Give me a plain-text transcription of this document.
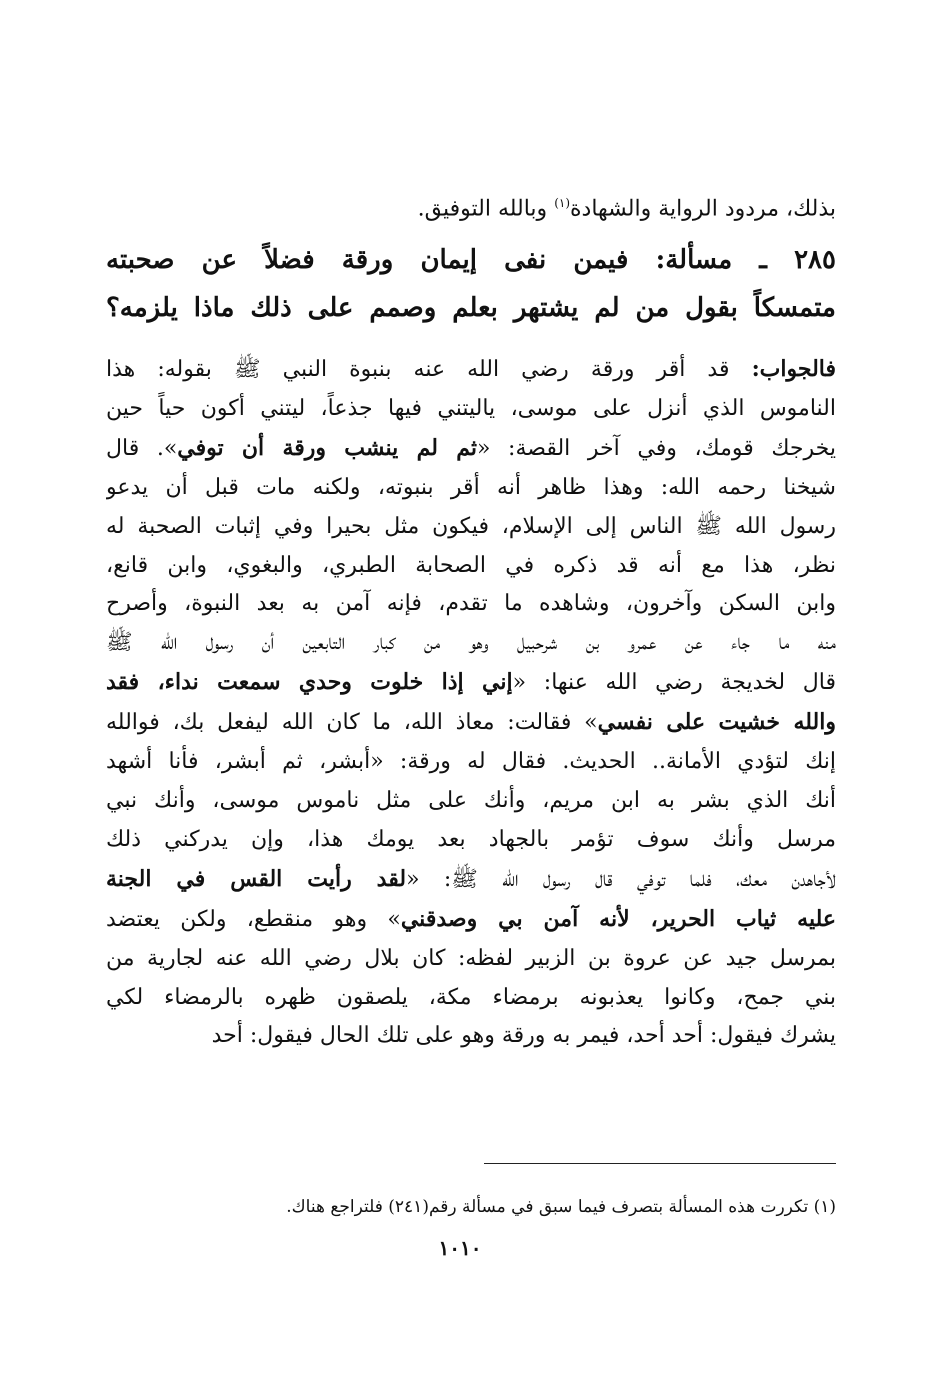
بذلك، مردود الرواية والشهادة$^{(١)}$ وبالله التوفيق.
٢٨٥ ـ مسألة: فيمن نفى إيمان ورقة فضلاً عن صحبته
متمسكاً بقول من لم يشتهر بعلم وصمم على ذلك ماذا يلزمه؟
فالجواب: قد أقر ورقة رضي الله عنه بنبوة النبي ﷺ بقوله: هذا
الناموس الذي أنزل على موسى، ياليتني فيها جذعاً، ليتني أكون حياً حين
يخرجك قومك، وفي آخر القصة: «ثم لم ينشب ورقة أن توفي». قال
شيخنا رحمه الله: وهذا ظاهر أنه أقر بنبوته، ولكنه مات قبل أن يدعو
رسول الله ﷺ الناس إلى الإسلام، فيكون مثل بحيرا وفي إثبات الصحبة له
نظر، هذا مع أنه قد ذكره في الصحابة الطبري، والبغوي، وابن قانع،
وابن السكن وآخرون، وشاهده ما تقدم، فإنه آمن به بعد النبوة، وأصرح
منه ما جاء عن عمرو بن شرحبيل وهو من كبار التابعين أن رسول الله ﷺ
قال لخديجة رضي الله عنها: «إني إذا خلوت وحدي سمعت نداء، فقد
والله خشيت على نفسي» فقالت: معاذ الله، ما كان الله ليفعل بك، فوالله
إنك لتؤدي الأمانة.. الحديث. فقال له ورقة: «أبشر، ثم أبشر، فأنا أشهد
أنك الذي بشر به ابن مريم، وأنك على مثل ناموس موسى، وأنك نبي
مرسل وأنك سوف تؤمر بالجهاد بعد يومك هذا، وإن يدركني ذلك
لأجاهدن معك، فلما توفي قال رسول الله ﷺ: «لقد رأيت القس في الجنة
عليه ثياب الحرير، لأنه آمن بي وصدقني» وهو منقطع، ولكن يعتضد
بمرسل جيد عن عروة بن الزبير لفظه: كان بلال رضي الله عنه لجارية من
بني جمح، وكانوا يعذبونه برمضاء مكة، يلصقون ظهره بالرمضاء لكي
يشرك فيقول: أحد أحد، فيمر به ورقة وهو على تلك الحال فيقول: أحد
(١) تكررت هذه المسألة بتصرف فيما سبق في مسألة رقم(٢٤١) فلتراجع هناك.
١٠١٠
